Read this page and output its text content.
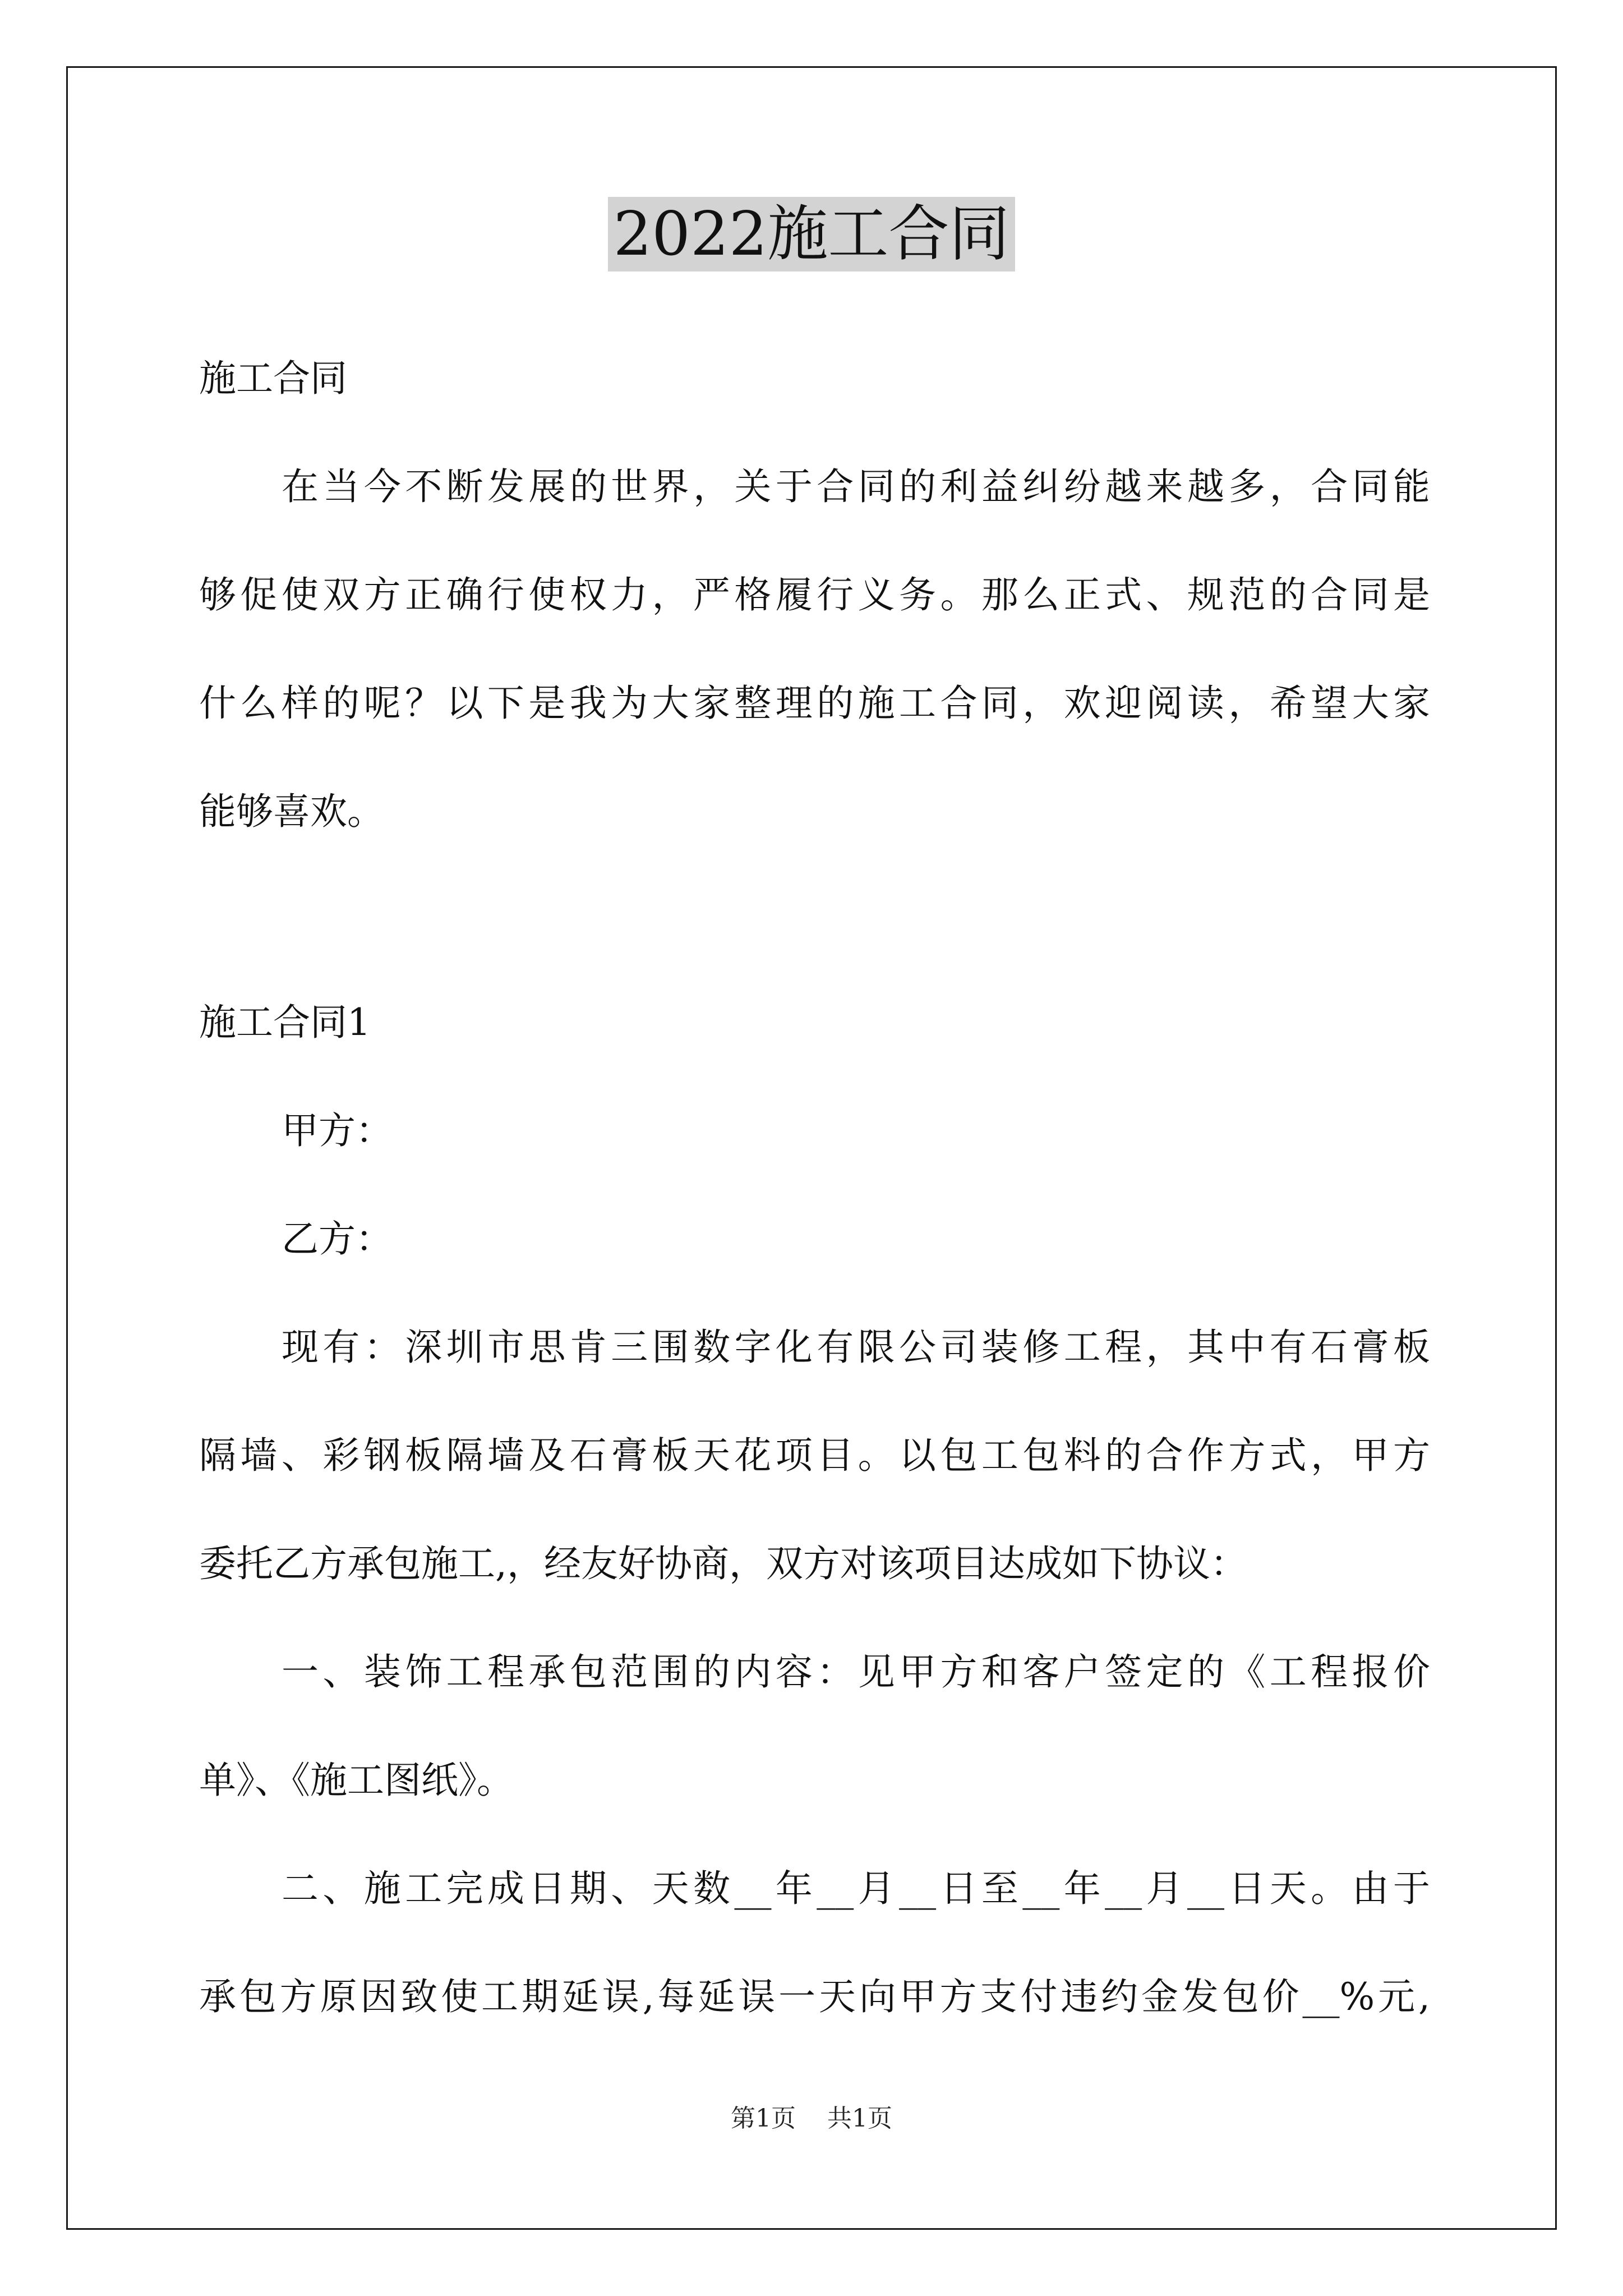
2022施工合同
施工合同
在当今不断发展的世界，关于合同的利益纠纷越来越多，合同能
够促使双方正确行使权力，严格履行义务。那么正式、规范的合同是
什么样的呢？以下是我为大家整理的施工合同，欢迎阅读，希望大家
能够喜欢。
施工合同1
甲方：
乙方：
现有：深圳市思肯三围数字化有限公司装修工程，其中有石膏板
隔墙、彩钢板隔墙及石膏板天花项目。以包工包料的合作方式，甲方
委托乙方承包施工,，经友好协商，双方对该项目达成如下协议：
一、装饰工程承包范围的内容：见甲方和客户签定的《工程报价
单》、《施工图纸》。
二、施工完成日期、天数__年__月__日至__年__月__日天。由于
承包方原因致使工期延误,每延误一天向甲方支付违约金发包价__%元,
第1页 共1页
